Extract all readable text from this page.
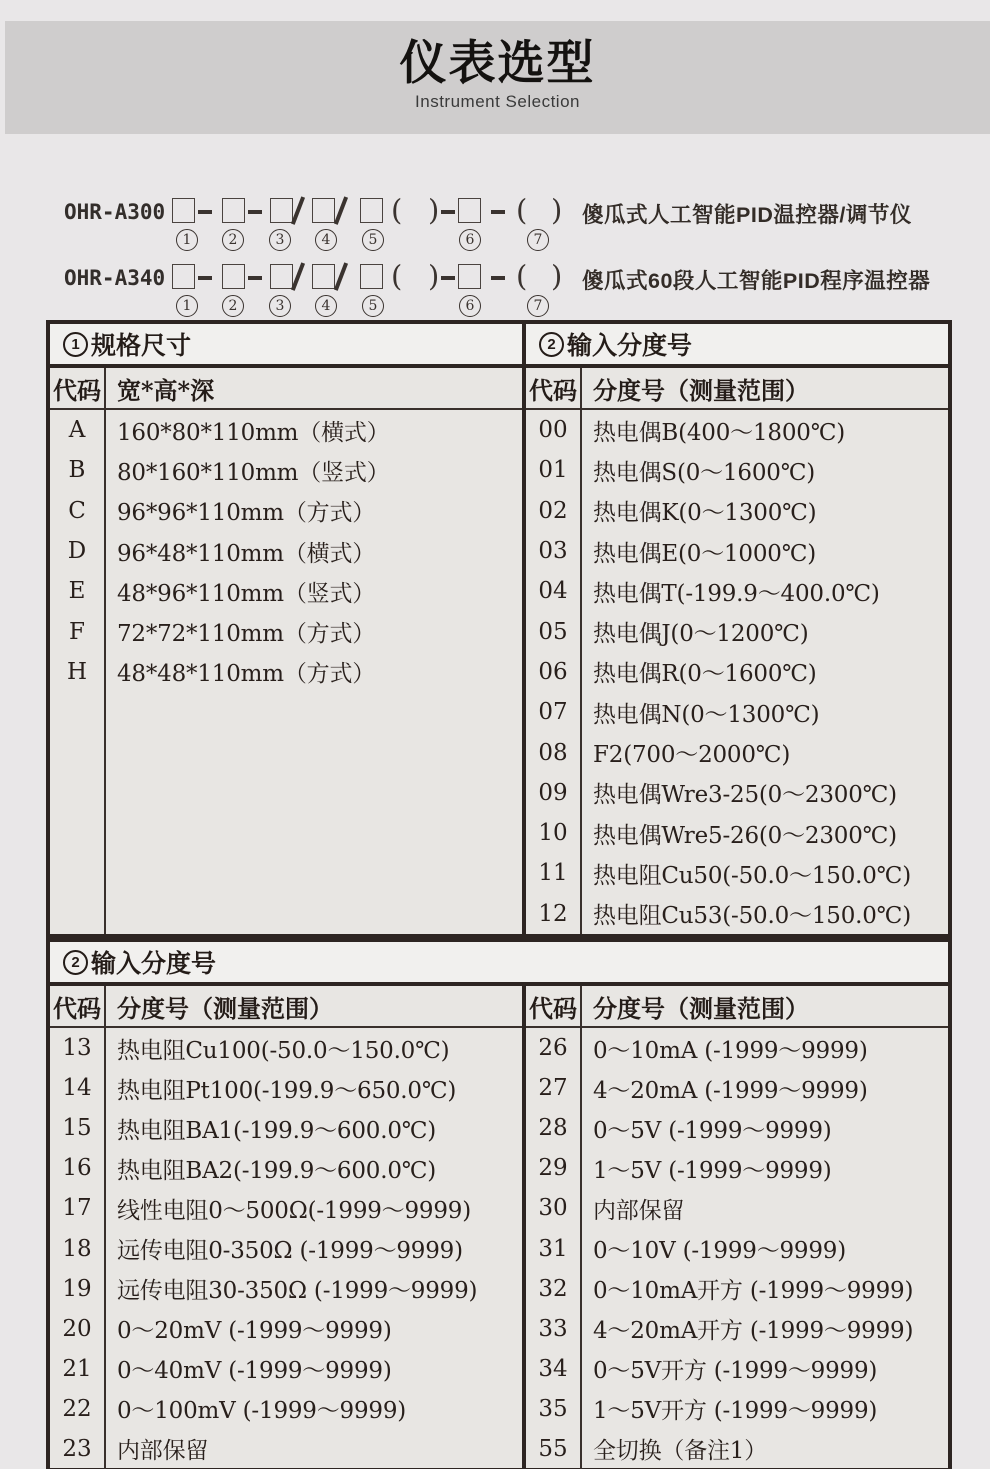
仪表选型
Instrument Selection
OHR-A300	( )	( )
1	2	3	4	5	6	7
傻瓜式人工智能PID温控器/调节仪
OHR-A340	( )	( )
1	2	3	4	5	6	7
傻瓜式60段人工智能PID程序温控器
1 规格尺寸	2 输入分度号
代码 宽*高*深	代码 分度号（测量范围）
A	160*80*110mm（横式）
B	80*160*110mm（竖式）
C	96*96*110mm（方式）
D	96*48*110mm（横式）
E	48*96*110mm（竖式）
F	72*72*110mm（方式）
H	48*48*110mm（方式）
00	热电偶B(400～1800℃)
01	热电偶S(0～1600℃)
02	热电偶K(0～1300℃)
03	热电偶E(0～1000℃)
04	热电偶T(-199.9～400.0℃)
05	热电偶J(0～1200℃)
06	热电偶R(0～1600℃)
07	热电偶N(0～1300℃)
08	F2(700～2000℃)
09	热电偶Wre3-25(0～2300℃)
10	热电偶Wre5-26(0～2300℃)
11	热电阻Cu50(-50.0～150.0℃)
12	热电阻Cu53(-50.0～150.0℃)
2 输入分度号
代码 分度号（测量范围）	代码 分度号（测量范围）
13	热电阻Cu100(-50.0～150.0℃)
14	热电阻Pt100(-199.9～650.0℃)
15	热电阻BA1(-199.9～600.0℃)
16	热电阻BA2(-199.9～600.0℃)
17	线性电阻0～500Ω(-1999～9999)
18	远传电阻0-350Ω (-1999～9999)
19	远传电阻30-350Ω (-1999～9999)
20	0～20mV (-1999～9999)
21	0～40mV (-1999～9999)
22	0～100mV (-1999～9999)
23	内部保留
26	0～10mA (-1999～9999)
27	4～20mA (-1999～9999)
28	0～5V (-1999～9999)
29	1～5V (-1999～9999)
30	内部保留
31	0～10V (-1999～9999)
32	0～10mA开方 (-1999～9999)
33	4～20mA开方 (-1999～9999)
34	0～5V开方 (-1999～9999)
35	1～5V开方 (-1999～9999)
55	全切换（备注1）
